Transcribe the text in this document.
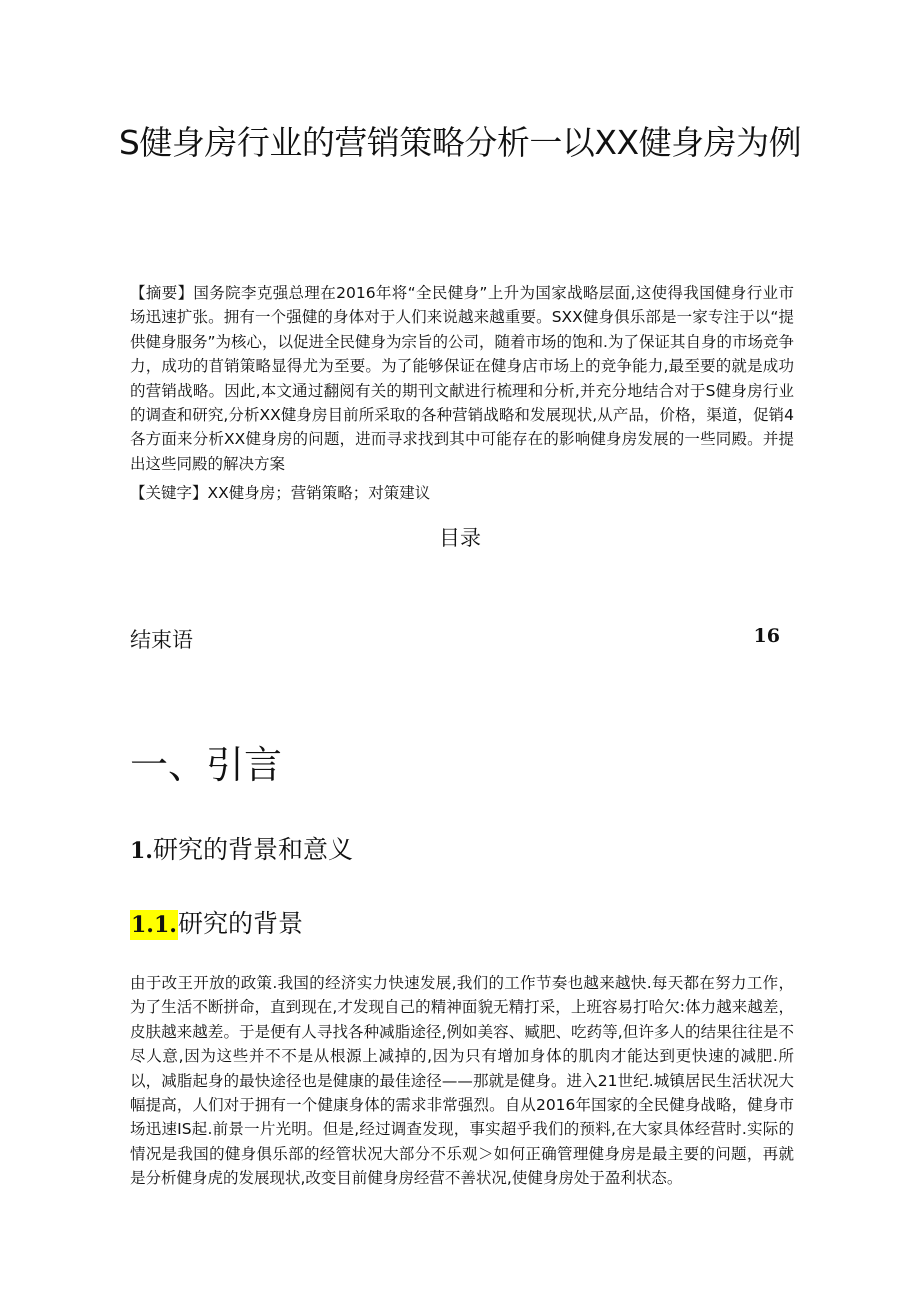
S健身房行业的营销策略分析一以XX健身房为例

【摘要】国务院李克强总理在2016年将“全民健身”上升为国家战略层面,这使得我国健身行业市场迅速扩张。拥有一个强健的身体对于人们来说越来越重要。SXX健身俱乐部是一家专注于以“提供健身服务”为核心，以促进全民健身为宗旨的公司，随着市场的饱和.为了保证其自身的市场竞争力，成功的苜销策略显得尤为至要。为了能够保证在健身店市场上的竞争能力,最至要的就是成功的营销战略。因此,本文通过翻阅有关的期刊文献进行梳理和分析,并充分地结合对于S健身房行业的调查和研究,分析XX健身房目前所采取的各种营销战略和发展现状,从产品，价格，渠道，促销4各方面来分析XX健身房的问题，进而寻求找到其中可能存在的影响健身房发展的一些同殿。并提出这些同殿的解决方案

【关键字】XX健身房；营销策略；对策建议

目录
结束语	16
一、引言
1.研究的背景和意义
1.1.研究的背景

由于改王开放的政策.我国的经济实力快速发展,我们的工作节奏也越来越快.每天都在努力工作，为了生活不断拼命，直到现在,才发现自己的精神面貌无精打采，上班容易打哈欠:体力越来越差，皮肤越来越差。于是便有人寻找各种减脂途径,例如美容、臧肥、吃药等,但许多人的结果往往是不尽人意,因为这些并不不是从根源上减掉的,因为只有增加身体的肌肉才能达到更快速的减肥.所以，减脂起身的最快途径也是健康的最佳途径——那就是健身。进入21世纪.城镇居民生活状况大幅提高，人们对于拥有一个健康身体的需求非常强烈。自从2016年国家的全民健身战略，健身市场迅速IS起.前景一片光明。但是,经过调查发现，事实超乎我们的预料,在大家具体经营时.实际的情况是我国的健身俱乐部的经管状况大部分不乐观＞如何正确管理健身房是最主要的问题，再就是分析健身虎的发展现状,改变目前健身房经营不善状况,使健身房处于盈利状态。
